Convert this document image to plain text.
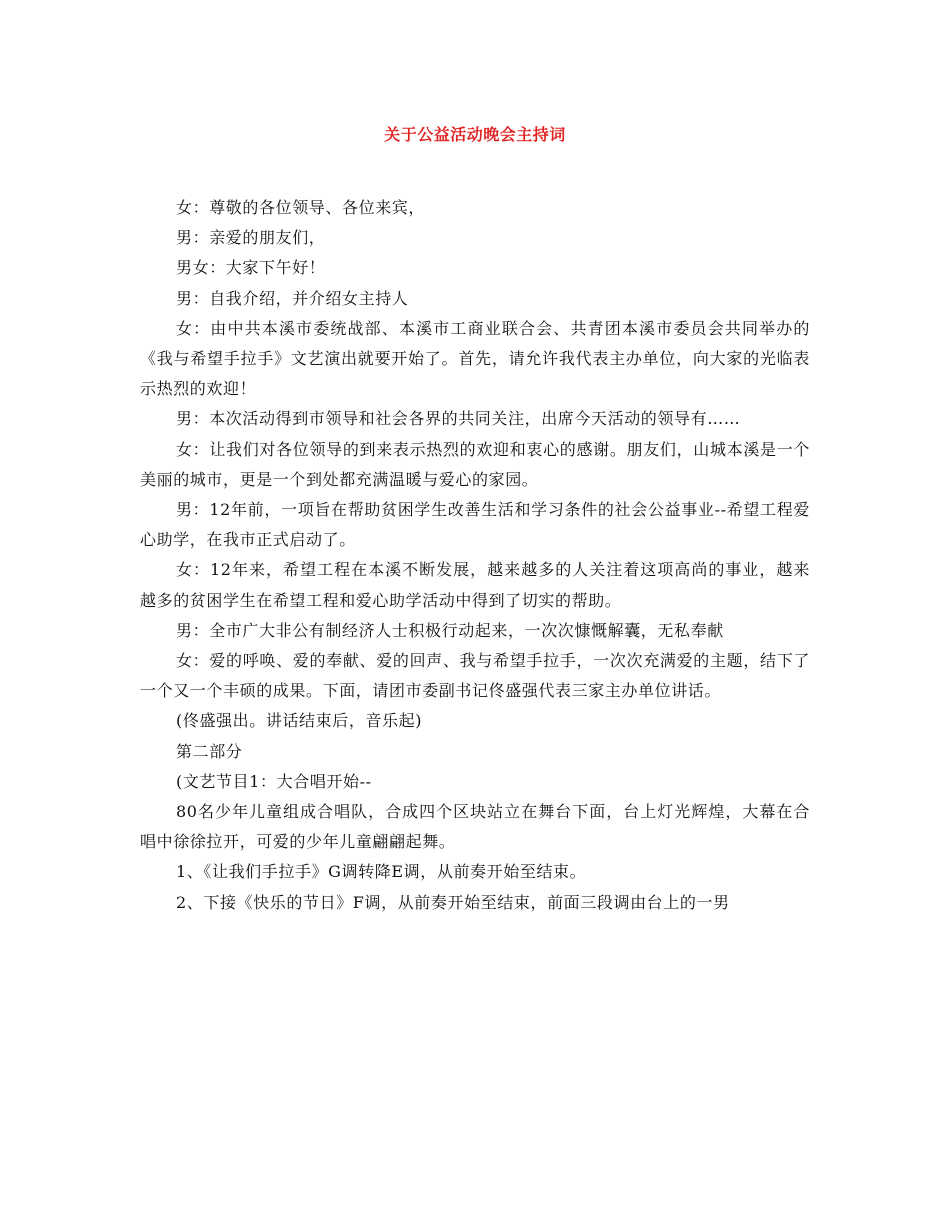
关于公益活动晚会主持词

女：尊敬的各位领导、各位来宾，

男：亲爱的朋友们，

男女：大家下午好！

男：自我介绍，并介绍女主持人

女：由中共本溪市委统战部、本溪市工商业联合会、共青团本溪市委员会共同举办的《我与希望手拉手》文艺演出就要开始了。首先，请允许我代表主办单位，向大家的光临表示热烈的欢迎！

男：本次活动得到市领导和社会各界的共同关注，出席今天活动的领导有……

女：让我们对各位领导的到来表示热烈的欢迎和衷心的感谢。朋友们，山城本溪是一个美丽的城市，更是一个到处都充满温暖与爱心的家园。

男：12年前，一项旨在帮助贫困学生改善生活和学习条件的社会公益事业--希望工程爱心助学，在我市正式启动了。

女：12年来，希望工程在本溪不断发展，越来越多的人关注着这项高尚的事业，越来越多的贫困学生在希望工程和爱心助学活动中得到了切实的帮助。

男：全市广大非公有制经济人士积极行动起来，一次次慷慨解囊，无私奉献

女：爱的呼唤、爱的奉献、爱的回声、我与希望手拉手，一次次充满爱的主题，结下了一个又一个丰硕的成果。下面，请团市委副书记佟盛强代表三家主办单位讲话。

(佟盛强出。讲话结束后，音乐起)

第二部分

(文艺节目1：大合唱开始--

80名少年儿童组成合唱队，合成四个区块站立在舞台下面，台上灯光辉煌，大幕在合唱中徐徐拉开，可爱的少年儿童翩翩起舞。

1、《让我们手拉手》G调转降E调，从前奏开始至结束。

2、下接《快乐的节日》F调，从前奏开始至结束，前面三段调由台上的一男
